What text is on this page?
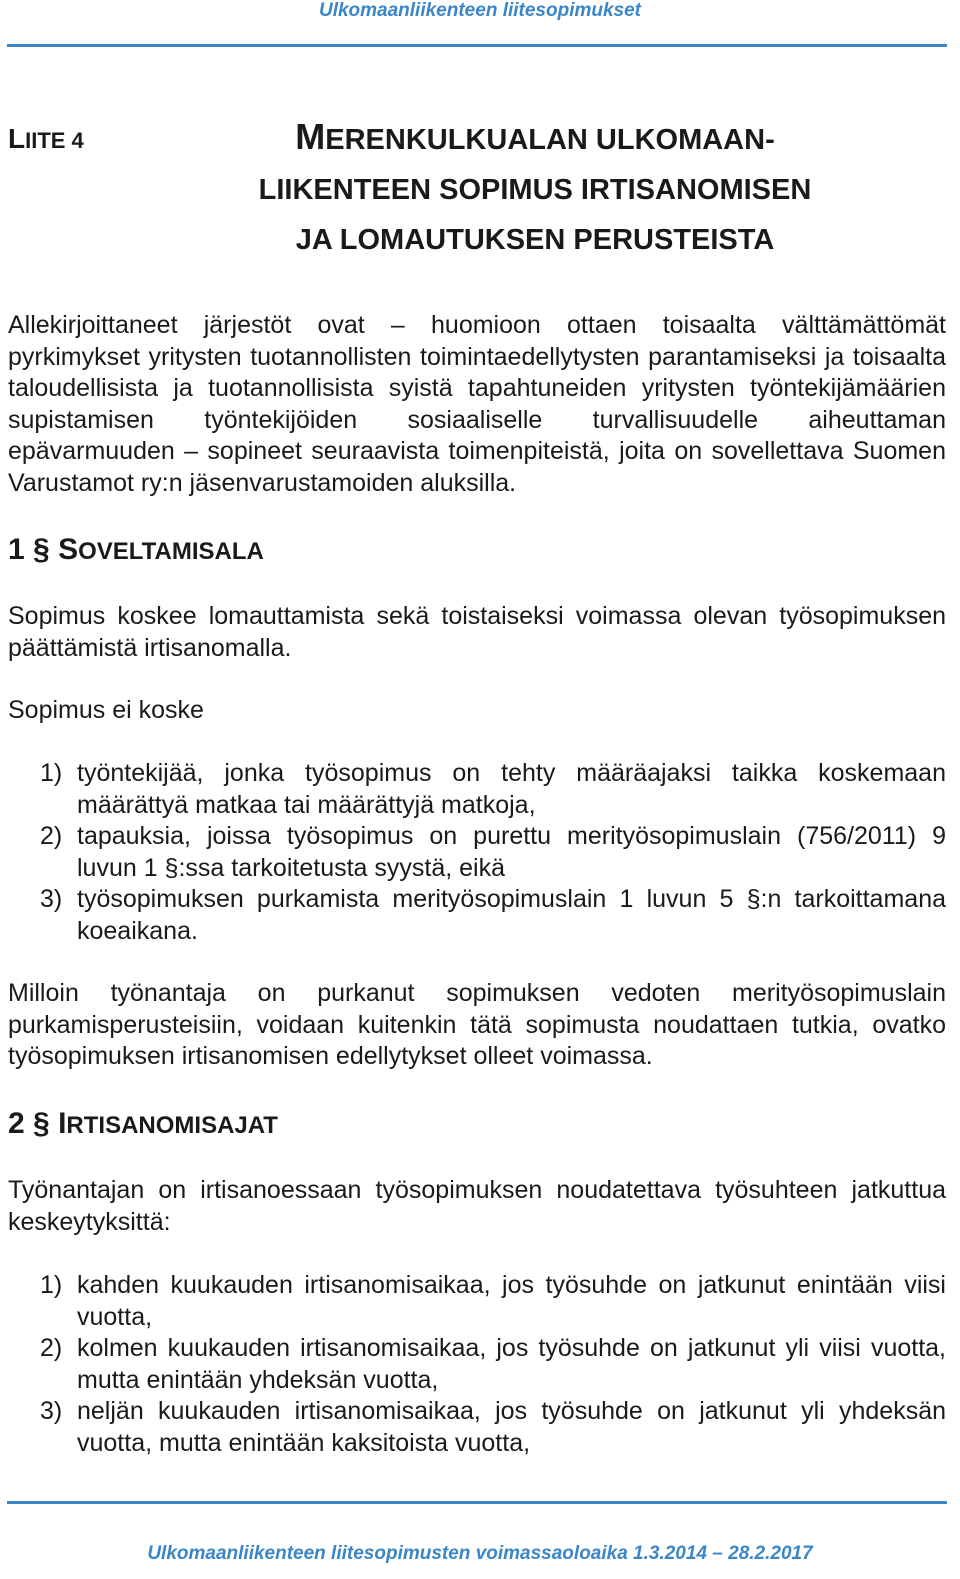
Ulkomaanliikenteen liitesopimukset
LIITE 4	MERENKULKUALAN ULKOMAAN-
LIIKENTEEN SOPIMUS IRTISANOMISEN
JA LOMAUTUKSEN PERUSTEISTA

Allekirjoittaneet järjestöt ovat – huomioon ottaen toisaalta välttämättömät pyrkimykset yritysten tuotannollisten toimintaedellytysten parantamiseksi ja toisaalta taloudellisista ja tuotannollisista syistä tapahtuneiden yritysten työntekijämäärien supistamisen työntekijöiden sosiaaliselle turvallisuudelle aiheuttaman epävarmuuden – sopineet seuraavista toimenpiteistä, joita on sovellettava Suomen Varustamot ry:n jäsenvarustamoiden aluksilla.

1 § SOVELTAMISALA

Sopimus koskee lomauttamista sekä toistaiseksi voimassa olevan työsopimuksen päättämistä irtisanomalla.

Sopimus ei koske

1) työntekijää, jonka työsopimus on tehty määräajaksi taikka koskemaan määrättyä matkaa tai määrättyjä matkoja,
2) tapauksia, joissa työsopimus on purettu merityösopimuslain (756/2011) 9 luvun 1 §:ssa tarkoitetusta syystä, eikä
3) työsopimuksen purkamista merityösopimuslain 1 luvun 5 §:n tarkoittamana koeaikana.

Milloin työnantaja on purkanut sopimuksen vedoten merityösopimuslain purkamisperusteisiin, voidaan kuitenkin tätä sopimusta noudattaen tutkia, ovatko työsopimuksen irtisanomisen edellytykset olleet voimassa.

2 § IRTISANOMISAJAT

Työnantajan on irtisanoessaan työsopimuksen noudatettava työsuhteen jatkuttua keskeytyksittä:

1) kahden kuukauden irtisanomisaikaa, jos työsuhde on jatkunut enintään viisi vuotta,
2) kolmen kuukauden irtisanomisaikaa, jos työsuhde on jatkunut yli viisi vuotta, mutta enintään yhdeksän vuotta,
3) neljän kuukauden irtisanomisaikaa, jos työsuhde on jatkunut yli yhdeksän vuotta, mutta enintään kaksitoista vuotta,
Ulkomaanliikenteen liitesopimusten voimassaoloaika 1.3.2014 – 28.2.2017
